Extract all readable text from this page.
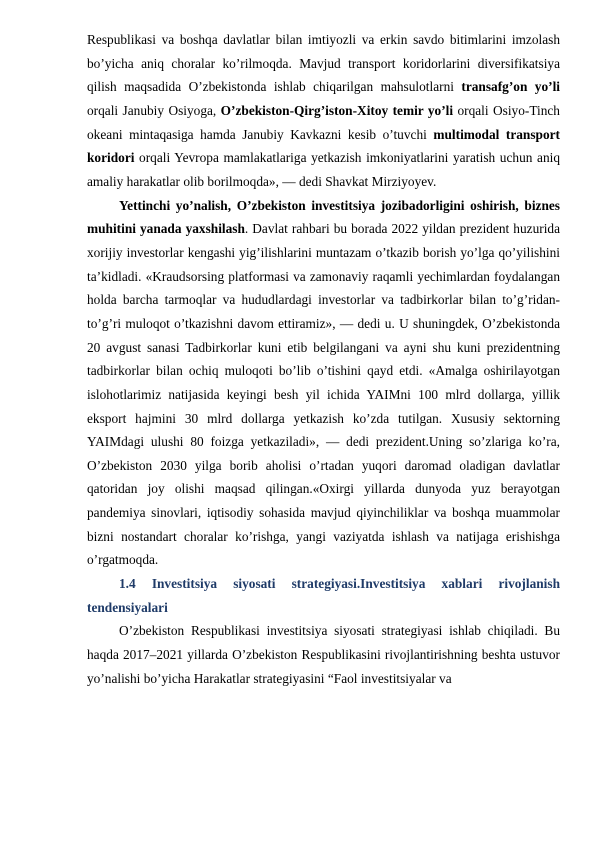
Respublikasi va boshqa davlatlar bilan imtiyozli va erkin savdo bitimlarini imzolash bo’yicha aniq choralar ko’rilmoqda. Mavjud transport koridorlarini diversifikatsiya qilish maqsadida O’zbekistonda ishlab chiqarilgan mahsulotlarni transafg’on yo’li orqali Janubiy Osiyoga, O’zbekiston-Qirg’iston-Xitoy temir yo’li orqali Osiyo-Tinch okeani mintaqasiga hamda Janubiy Kavkazni kesib o’tuvchi multimodal transport koridori orqali Yevropa mamlakatlariga yetkazish imkoniyatlarini yaratish uchun aniq amaliy harakatlar olib borilmoqda», — dedi Shavkat Mirziyoyev.

Yettinchi yo’nalish, O’zbekiston investitsiya jozibadorligini oshirish, biznes muhitini yanada yaxshilash. Davlat rahbari bu borada 2022 yildan prezident huzurida xorijiy investorlar kengashi yig’ilishlarini muntazam o’tkazib borish yo’lga qo’yilishini ta’kidladi. «Kraudsorsing platformasi va zamonaviy raqamli yechimlardan foydalangan holda barcha tarmoqlar va hududlardagi investorlar va tadbirkorlar bilan to’g’ridan-to’g’ri muloqot o’tkazishni davom ettiramiz», — dedi u. U shuningdek, O’zbekistonda 20 avgust sanasi Tadbirkorlar kuni etib belgilangani va ayni shu kuni prezidentning tadbirkorlar bilan ochiq muloqoti bo’lib o’tishini qayd etdi. «Amalga oshirilayotgan islohotlarimiz natijasida keyingi besh yil ichida YAIMni 100 mlrd dollarga, yillik eksport hajmini 30 mlrd dollarga yetkazish ko’zda tutilgan. Xususiy sektorning YAIMdagi ulushi 80 foizga yetkaziladi», — dedi prezident.Uning so’zlariga ko’ra, O’zbekiston 2030 yilga borib aholisi o’rtadan yuqori daromad oladigan davlatlar qatoridan joy olishi maqsad qilingan.«Oxirgi yillarda dunyoda yuz berayotgan pandemiya sinovlari, iqtisodiy sohasida mavjud qiyinchiliklar va boshqa muammolar bizni nostandart choralar ko’rishga, yangi vaziyatda ishlash va natijaga erishishga o’rgatmoqda.

1.4 Investitsiya siyosati strategiyasi.Investitsiya xablari rivojlanish tendensiyalari

O’zbekiston Respublikasi investitsiya siyosati strategiyasi ishlab chiqiladi. Bu haqda 2017–2021 yillarda O’zbekiston Respublikasini rivojlantirishning beshta ustuvor yo’nalishi bo’yicha Harakatlar strategiyasini “Faol investitsiyalar va
